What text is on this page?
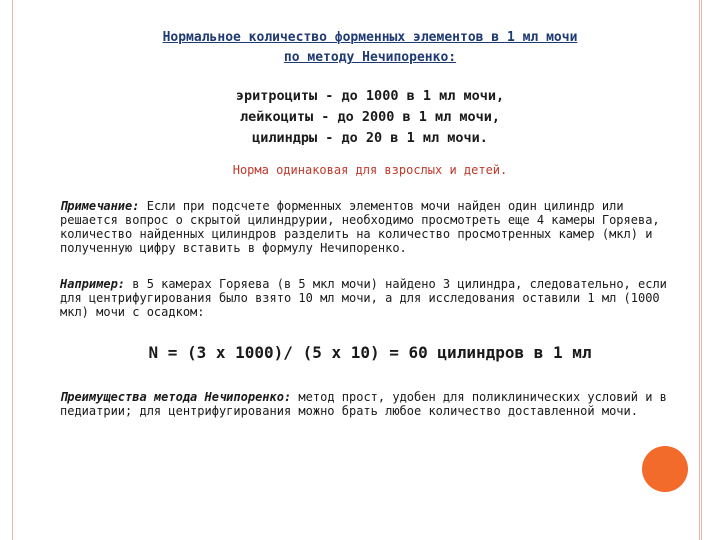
Нормальное количество форменных элементов в 1 мл мочи
по методу Нечипоренко:
эритроциты - до 1000 в 1 мл мочи,
лейкоциты - до 2000 в 1 мл мочи,
цилиндры - до 20 в 1 мл мочи.
Норма одинаковая для взрослых и детей.
Примечание: Если при подсчете форменных элементов мочи найден один цилиндр или решается вопрос о скрытой цилиндрурии, необходимо просмотреть еще 4 камеры Горяева, количество найденных цилиндров разделить на количество просмотренных камер (мкл) и полученную цифру вставить в формулу Нечипоренко.
Например: в 5 камерах Горяева (в 5 мкл мочи) найдено 3 цилиндра, следовательно, если для центрифугирования было взято 10 мл мочи, а для исследования оставили 1 мл (1000 мкл) мочи с осадком:
N = (3 x 1000)/ (5 x 10) = 60 цилиндров в 1 мл
Преимущества метода Нечипоренко: метод прост, удобен для поликлинических условий и в педиатрии; для центрифугирования можно брать любое количество доставленной мочи.
